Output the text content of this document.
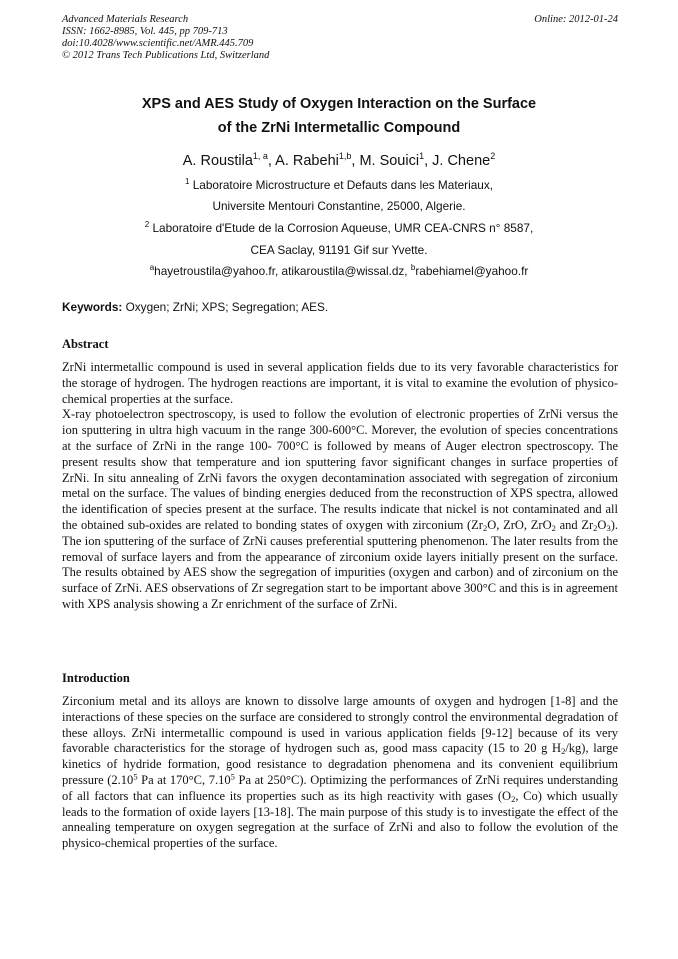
Advanced Materials Research
ISSN: 1662-8985, Vol. 445, pp 709-713
doi:10.4028/www.scientific.net/AMR.445.709
© 2012 Trans Tech Publications Ltd, Switzerland
Online: 2012-01-24
XPS and AES Study of Oxygen Interaction on the Surface
of the ZrNi Intermetallic Compound
A. Roustila$^{1, a}$, A. Rabehi$^{1,b}$, M. Souici$^1$, J. Chene$^2$
$^1$ Laboratoire Microstructure et Defauts dans les Materiaux,
Universite Mentouri Constantine, 25000, Algerie.
$^2$ Laboratoire d'Etude de la Corrosion Aqueuse, UMR CEA-CNRS n° 8587,
CEA Saclay, 91191 Gif sur Yvette.
$^a$hayetroustila@yahoo.fr, atikaroustila@wissal.dz, $^b$rabehiamel@yahoo.fr
Keywords: Oxygen; ZrNi; XPS; Segregation; AES.
Abstract

ZrNi intermetallic compound is used in several application fields due to its very favorable characteristics for the storage of hydrogen. The hydrogen reactions are important, it is vital to examine the evolution of physico-chemical properties at the surface.

X-ray photoelectron spectroscopy, is used to follow the evolution of electronic properties of ZrNi versus the ion sputtering in ultra high vacuum in the range 300-600°C. Morever, the evolution of species concentrations at the surface of ZrNi in the range 100- 700°C is followed by means of Auger electron spectroscopy. The present results show that temperature and ion sputtering favor significant changes in surface properties of ZrNi. In situ annealing of ZrNi favors the oxygen decontamination associated with segregation of zirconium metal on the surface. The values of binding energies deduced from the reconstruction of XPS spectra, allowed the identification of species present at the surface. The results indicate that nickel is not contaminated and all the obtained sub-oxides are related to bonding states of oxygen with zirconium ($Zr_2O$, ZrO, ZrO$_2$ and $Zr_2O_3$). The ion sputtering of the surface of ZrNi causes preferential sputtering phenomenon. The later results from the removal of surface layers and from the appearance of zirconium oxide layers initially present on the surface. The results obtained by AES show the segregation of impurities (oxygen and carbon) and of zirconium on the surface of ZrNi. AES observations of Zr segregation start to be important above 300°C and this is in agreement with XPS analysis showing a Zr enrichment of the surface of ZrNi.

Introduction

Zirconium metal and its alloys are known to dissolve large amounts of oxygen and hydrogen [1-8] and the interactions of these species on the surface are considered to strongly control the environmental degradation of these alloys. ZrNi intermetallic compound is used in various application fields [9-12] because of its very favorable characteristics for the storage of hydrogen such as, good mass capacity (15 to 20 g $H_2/kg$), large kinetics of hydride formation, good resistance to degradation phenomena and its convenient equilibrium pressure (2.10$^5$ Pa at 170°C, 7.10$^5$ Pa at 250°C). Optimizing the performances of ZrNi requires understanding of all factors that can influence its properties such as its high reactivity with gases ($O_2$, Co) which usually leads to the formation of oxide layers [13-18]. The main purpose of this study is to investigate the effect of the annealing temperature on oxygen segregation at the surface of ZrNi and also to follow the evolution of the physico-chemical properties of the surface.
